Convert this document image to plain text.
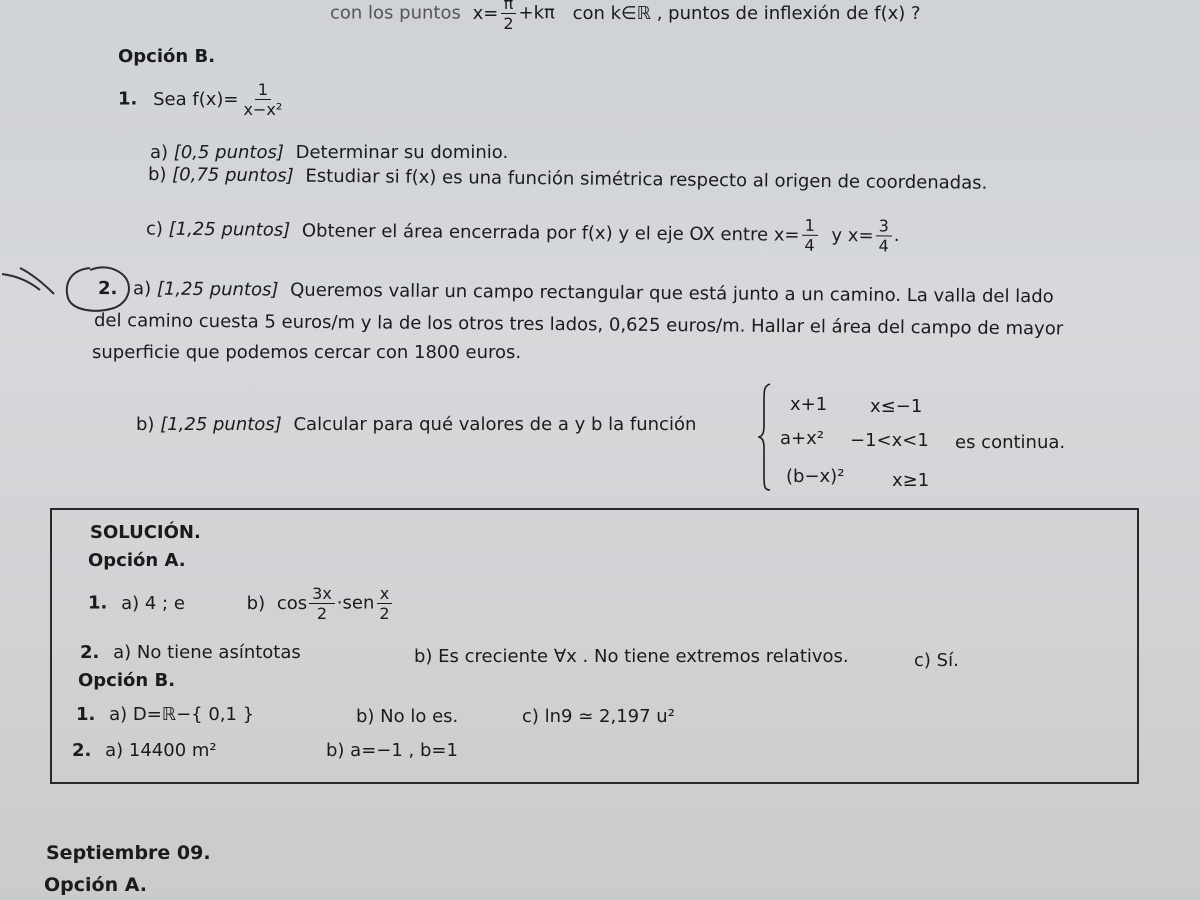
con los puntos $x= \frac{\pi}{2} +k\pi$ con k∈ℝ , puntos de inflexión de f(x) ?
Opción B.
1. Sea $f(x)= \frac{1}{\text{x−x²}}$
a) [0,5 puntos] Determinar su dominio.
b) [0,75 puntos] Estudiar si f(x) es una función simétrica respecto al origen de coordenadas.
c) [1,25 puntos] Obtener el área encerrada por f(x) y el eje OX entre $x= \frac{1}{4}$ y $x= \frac{3}{4}$ .
2. a) [1,25 puntos] Queremos vallar un campo rectangular que está junto a un camino. La valla del lado
del camino cuesta 5 euros/m y la de los otros tres lados, 0,625 euros/m. Hallar el área del campo de mayor
superficie que podemos cercar con 1800 euros.
b) [1,25 puntos] Calcular para qué valores de a y b la función
x+1 x≤−1
a+x² −1<x<1 es continua.
(b−x)²	x≥1
SOLUCIÓN.
Opción A.
1. a) 4 ; e	b) $\cos \frac{3x}{2} \cdot sen \frac{x}{2}$
2. a) No tiene asíntotas	b) Es creciente ∀x . No tiene extremos relativos.	c) Sí.
Opción B.
1. a) D=ℝ−{ 0,1 }	b) No lo es.	c) ln9 ≃ 2,197 u²
2. a) 14400 m²	b) a=−1 , b=1
Septiembre 09.
Opción A.
